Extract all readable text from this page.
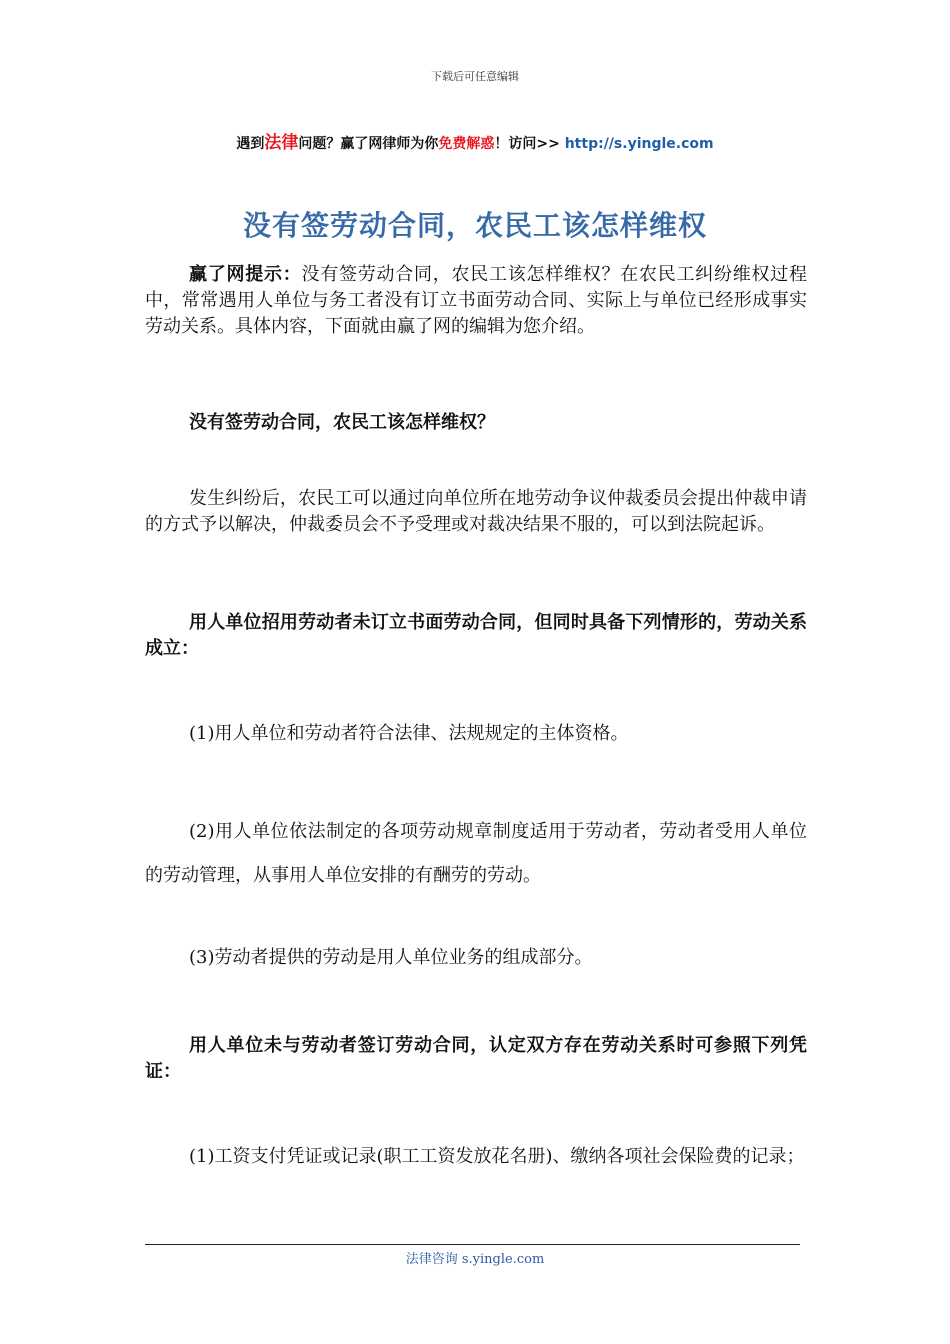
下载后可任意编辑
遇到法律问题？赢了网律师为你免费解惑！访问>> http://s.yingle.com
没有签劳动合同，农民工该怎样维权

赢了网提示：没有签劳动合同，农民工该怎样维权？在农民工纠纷维权过程中，常常遇用人单位与务工者没有订立书面劳动合同、实际上与单位已经形成事实劳动关系。具体内容，下面就由赢了网的编辑为您介绍。

没有签劳动合同，农民工该怎样维权？

发生纠纷后，农民工可以通过向单位所在地劳动争议仲裁委员会提出仲裁申请的方式予以解决，仲裁委员会不予受理或对裁决结果不服的，可以到法院起诉。

用人单位招用劳动者未订立书面劳动合同，但同时具备下列情形的，劳动关系成立：

(1)用人单位和劳动者符合法律、法规规定的主体资格。

(2)用人单位依法制定的各项劳动规章制度适用于劳动者，劳动者受用人单位的劳动管理，从事用人单位安排的有酬劳的劳动。

(3)劳动者提供的劳动是用人单位业务的组成部分。

用人单位未与劳动者签订劳动合同，认定双方存在劳动关系时可参照下列凭证：

(1)工资支付凭证或记录(职工工资发放花名册)、缴纳各项社会保险费的记录；

法律咨询 s.yingle.com
